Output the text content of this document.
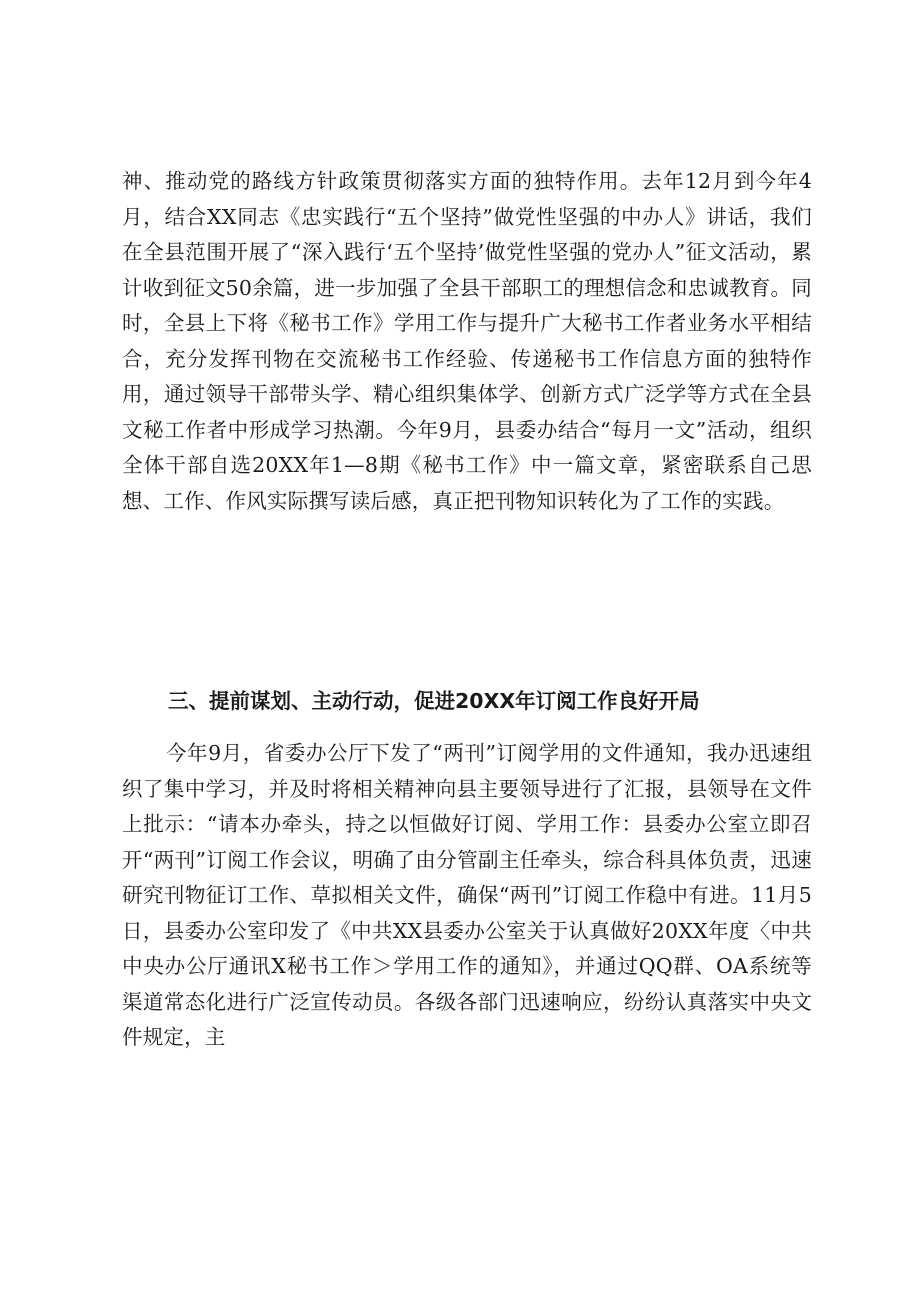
神、推动党的路线方针政策贯彻落实方面的独特作用。去年12月到今年4月，结合XX同志《忠实践行“五个坚持”做党性坚强的中办人》讲话，我们在全县范围开展了“深入践行‘五个坚持’做党性坚强的党办人”征文活动，累计收到征文50余篇，进一步加强了全县干部职工的理想信念和忠诚教育。同时，全县上下将《秘书工作》学用工作与提升广大秘书工作者业务水平相结合，充分发挥刊物在交流秘书工作经验、传递秘书工作信息方面的独特作用，通过领导干部带头学、精心组织集体学、创新方式广泛学等方式在全县文秘工作者中形成学习热潮。今年9月，县委办结合“每月一文”活动，组织全体干部自选20XX年1—8期《秘书工作》中一篇文章，紧密联系自己思想、工作、作风实际撰写读后感，真正把刊物知识转化为了工作的实践。

三、提前谋划、主动行动，促进20XX年订阅工作良好开局

今年9月，省委办公厅下发了“两刊”订阅学用的文件通知，我办迅速组织了集中学习，并及时将相关精神向县主要领导进行了汇报，县领导在文件上批示：“请本办牵头，持之以恒做好订阅、学用工作：县委办公室立即召开“两刊”订阅工作会议，明确了由分管副主任牵头，综合科具体负责，迅速研究刊物征订工作、草拟相关文件，确保“两刊”订阅工作稳中有进。11月5日，县委办公室印发了《中共XX县委办公室关于认真做好20XX年度〈中共中央办公厅通讯X秘书工作＞学用工作的通知》，并通过QQ群、OA系统等渠道常态化进行广泛宣传动员。各级各部门迅速响应，纷纷认真落实中央文件规定，主
